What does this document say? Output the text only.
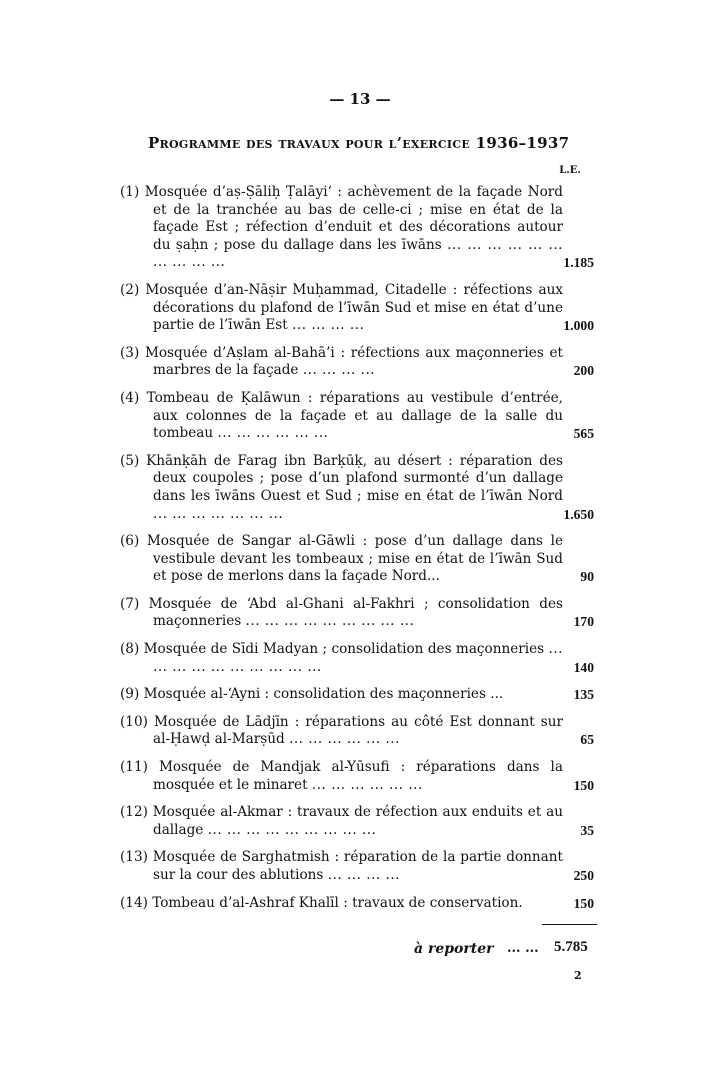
— 13 —
Programme des travaux pour l’exercice 1936–1937
L.E.
(1) Mosquée d’aṣ-Ṣāliḥ Ṭalāyi‘ : achèvement de la façade Nord et de la tranchée au bas de celle-ci ; mise en état de la façade Est ; réfection d’enduit et des décorations autour du ṣaḥn ; pose du dallage dans les īwāns ... ... ... ... ... ... ... ... ... ...	1.185
(2) Mosquée d’an-Nāṣir Muḥammad, Citadelle : réfections aux décorations du plafond de l’īwān Sud et mise en état d’une partie de l’īwān Est ... ... ... ...	1.000
(3) Mosquée d’Aṣlam al-Bahā’i : réfections aux maçonneries et marbres de la façade ... ... ... ...	200
(4) Tombeau de Ḳalāwun : réparations au vestibule d’entrée, aux colonnes de la façade et au dallage de la salle du tombeau ... ... ... ... ... ...	565
(5) Khānḳāh de Farag ibn Barḳūḳ, au désert : réparation des deux coupoles ; pose d’un plafond surmonté d’un dallage dans les īwāns Ouest et Sud ; mise en état de l’īwān Nord ... ... ... ... ... ... ...	1.650
(6) Mosquée de Sangar al-Gāwli : pose d’un dallage dans le vestibule devant les tombeaux ; mise en état de l’īwān Sud et pose de merlons dans la façade Nord...	90
(7) Mosquée de ‘Abd al-Ghani al-Fakhri ; consolidation des maçonneries ... ... ... ... ... ... ... ... ...	170
(8) Mosquée de Sīdi Madyan ; consolidation des maçonneries ... ... ... ... ... ... ... ... ... ...	140
(9) Mosquée al-‘Ayni : consolidation des maçonneries ...	135
(10) Mosquée de Lādjīn : réparations au côté Est donnant sur al-Ḥawḍ al-Marṣūd ... ... ... ... ... ...	65
(11) Mosquée de Mandjak al-Yūsufi : réparations dans la mosquée et le minaret ... ... ... ... ... ...	150
(12) Mosquée al-Akmar : travaux de réfection aux enduits et au dallage ... ... ... ... ... ... ... ... ...	35
(13) Mosquée de Sarghatmish : réparation de la partie donnant sur la cour des ablutions ... ... ... ...	250
(14) Tombeau d’al-Ashraf Khalīl : travaux de conservation.	150
à reporter ... ... 5.785
2
